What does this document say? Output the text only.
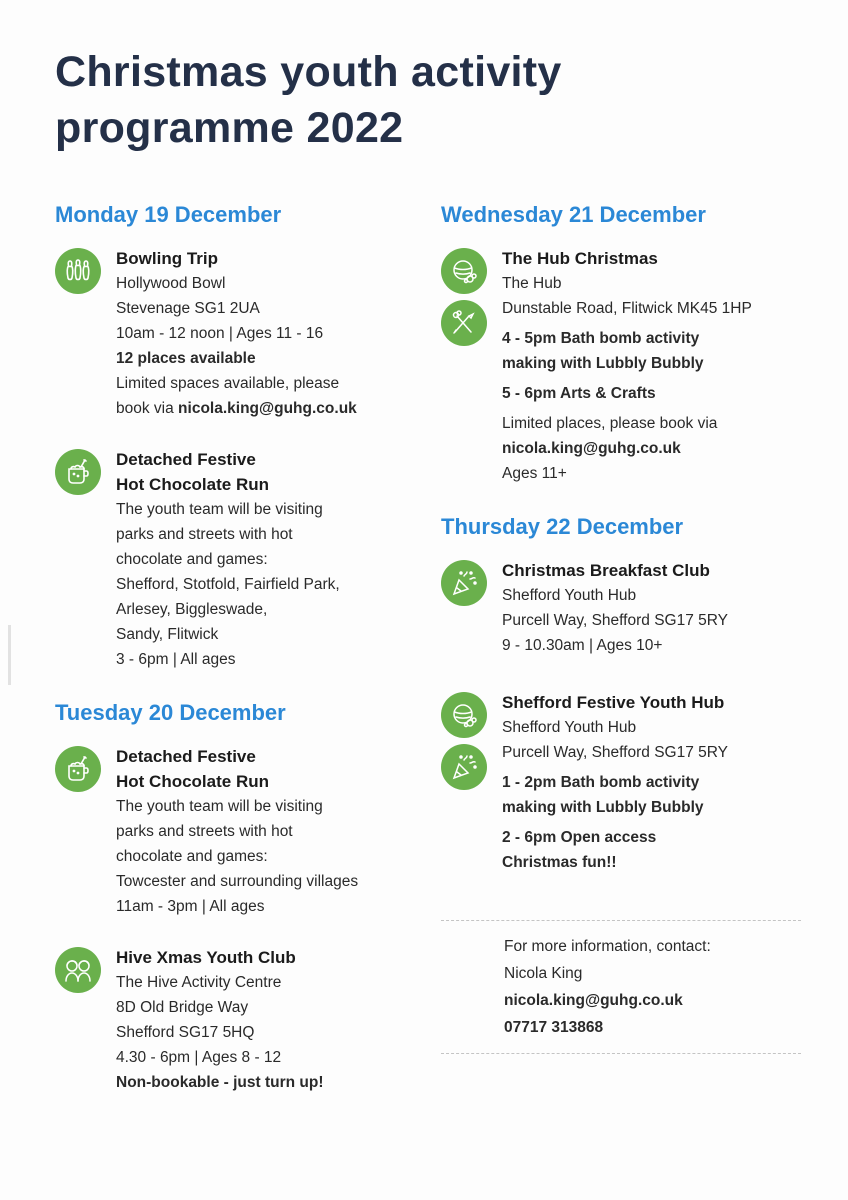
Christmas youth activity programme 2022
Monday 19 December
Bowling Trip
Hollywood Bowl
Stevenage SG1 2UA
10am - 12 noon | Ages 11 - 16
12 places available
Limited spaces available, please
book via nicola.king@guhg.co.uk
Detached Festive
Hot Chocolate Run
The youth team will be visiting
parks and streets with hot
chocolate and games:
Shefford, Stotfold, Fairfield Park,
Arlesey, Biggleswade,
Sandy, Flitwick
3 - 6pm | All ages
Tuesday 20 December
Detached Festive
Hot Chocolate Run
The youth team will be visiting
parks and streets with hot
chocolate and games:
Towcester and surrounding villages
11am - 3pm | All ages
Hive Xmas Youth Club
The Hive Activity Centre
8D Old Bridge Way
Shefford SG17 5HQ
4.30 - 6pm | Ages 8 - 12
Non-bookable - just turn up!
Wednesday 21 December
The Hub Christmas
The Hub
Dunstable Road, Flitwick MK45 1HP
4 - 5pm Bath bomb activity
making with Lubbly Bubbly
5 - 6pm Arts & Crafts
Limited places, please book via
nicola.king@guhg.co.uk
Ages 11+
Thursday 22 December
Christmas Breakfast Club
Shefford Youth Hub
Purcell Way, Shefford SG17 5RY
9 - 10.30am | Ages 10+
Shefford Festive Youth Hub
Shefford Youth Hub
Purcell Way, Shefford SG17 5RY
1 - 2pm Bath bomb activity
making with Lubbly Bubbly
2 - 6pm Open access
Christmas fun!!
For more information, contact:
Nicola King
nicola.king@guhg.co.uk
07717 313868
